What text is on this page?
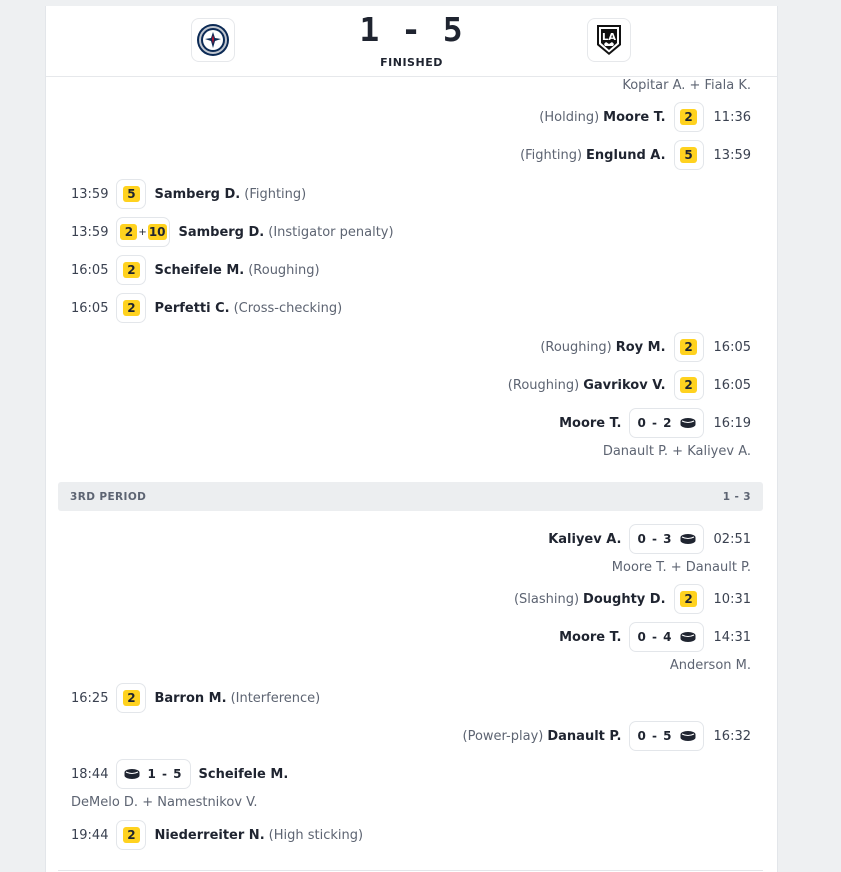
1 - 5
FINISHED
LA
Kopitar A. + Fiala K.
(Holding) Moore T.	2	11:36
(Fighting) Englund A.	5	13:59
13:59	5	Samberg D. (Fighting)
13:59	2 + 10 Samberg D. (Instigator penalty)
16:05	2	Scheifele M. (Roughing)
16:05	2	Perfetti C. (Cross-checking)
(Roughing) Roy M.	2	16:05
(Roughing) Gavrikov V.	2	16:05
Moore T. 0 - 2	16:19
Danault P. + Kaliyev A.
3RD PERIOD	1 - 3
Kaliyev A. 0 - 3	02:51
Moore T. + Danault P.
(Slashing) Doughty D.	2	10:31
Moore T. 0 - 4	14:31
Anderson M.
16:25	2	Barron M. (Interference)
(Power-play) Danault P. 0 - 5	16:32
18:44	1 - 5 Scheifele M.
DeMelo D. + Namestnikov V.
19:44	2	Niederreiter N. (High sticking)
